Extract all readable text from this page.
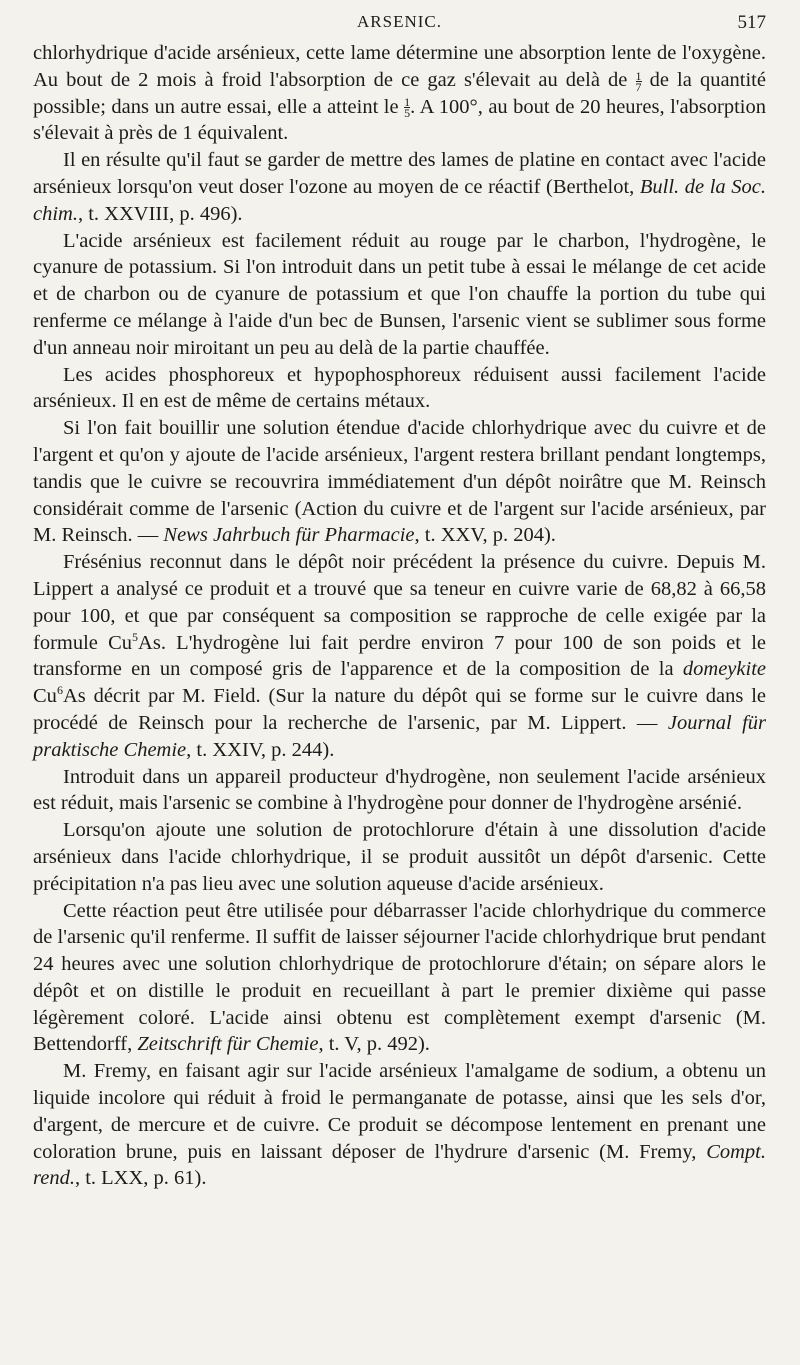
ARSENIC.	517

chlorhydrique d'acide arsénieux, cette lame détermine une absorption lente de l'oxygène. Au bout de 2 mois à froid l'absorption de ce gaz s'élevait au delà de $\frac{1}{7}$ de la quantité possible; dans un autre essai, elle a atteint le $\frac{1}{5}$ . A 100°, au bout de 20 heures, l'absorption s'élevait à près de 1 équivalent.

Il en résulte qu'il faut se garder de mettre des lames de platine en contact avec l'acide arsénieux lorsqu'on veut doser l'ozone au moyen de ce réactif (Berthelot, Bull. de la Soc. chim., t. XXVIII, p. 496).

L'acide arsénieux est facilement réduit au rouge par le charbon, l'hydrogène, le cyanure de potassium. Si l'on introduit dans un petit tube à essai le mélange de cet acide et de charbon ou de cyanure de potassium et que l'on chauffe la portion du tube qui renferme ce mélange à l'aide d'un bec de Bunsen, l'arsenic vient se sublimer sous forme d'un anneau noir miroitant un peu au delà de la partie chauffée.

Les acides phosphoreux et hypophosphoreux réduisent aussi facilement l'acide arsénieux. Il en est de même de certains métaux.

Si l'on fait bouillir une solution étendue d'acide chlorhydrique avec du cuivre et de l'argent et qu'on y ajoute de l'acide arsénieux, l'argent restera brillant pendant longtemps, tandis que le cuivre se recouvrira immédiatement d'un dépôt noirâtre que M. Reinsch considérait comme de l'arsenic (Action du cuivre et de l'argent sur l'acide arsénieux, par M. Reinsch. — News Jahrbuch für Pharmacie, t. XXV, p. 204).

Frésénius reconnut dans le dépôt noir précédent la présence du cuivre. Depuis M. Lippert a analysé ce produit et a trouvé que sa teneur en cuivre varie de 68,82 à 66,58 pour 100, et que par conséquent sa composition se rapproche de celle exigée par la formule Cu$^5$As. L'hydrogène lui fait perdre environ 7 pour 100 de son poids et le transforme en un composé gris de l'apparence et de la composition de la domeykite Cu$^6$As décrit par M. Field. (Sur la nature du dépôt qui se forme sur le cuivre dans le procédé de Reinsch pour la recherche de l'arsenic, par M. Lippert. — Journal für praktische Chemie, t. XXIV, p. 244).

Introduit dans un appareil producteur d'hydrogène, non seulement l'acide arsénieux est réduit, mais l'arsenic se combine à l'hydrogène pour donner de l'hydrogène arsénié.

Lorsqu'on ajoute une solution de protochlorure d'étain à une dissolution d'acide arsénieux dans l'acide chlorhydrique, il se produit aussitôt un dépôt d'arsenic. Cette précipitation n'a pas lieu avec une solution aqueuse d'acide arsénieux.

Cette réaction peut être utilisée pour débarrasser l'acide chlorhydrique du commerce de l'arsenic qu'il renferme. Il suffit de laisser séjourner l'acide chlorhydrique brut pendant 24 heures avec une solution chlorhydrique de protochlorure d'étain; on sépare alors le dépôt et on distille le produit en recueillant à part le premier dixième qui passe légèrement coloré. L'acide ainsi obtenu est complètement exempt d'arsenic (M. Bettendorff, Zeitschrift für Chemie, t. V, p. 492).

M. Fremy, en faisant agir sur l'acide arsénieux l'amalgame de sodium, a obtenu un liquide incolore qui réduit à froid le permanganate de potasse, ainsi que les sels d'or, d'argent, de mercure et de cuivre. Ce produit se décompose lentement en prenant une coloration brune, puis en laissant déposer de l'hydrure d'arsenic (M. Fremy, Compt. rend., t. LXX, p. 61).
